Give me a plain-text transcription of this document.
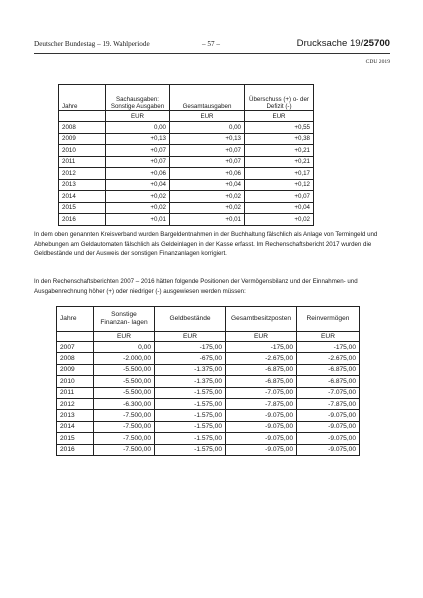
Deutscher Bundestag – 19. Wahlperiode	– 57 –	Drucksache 19/25700
CDU 2019
Jahre	Sachausgaben: Sonstige Ausgaben	Gesamtausgaben	Überschuss (+) o- der Defizit (-)
	EUR	EUR	EUR
2008	0,00	0,00	+0,55
2009	+0,13	+0,13	+0,38
2010	+0,07	+0,07	+0,21
2011	+0,07	+0,07	+0,21
2012	+0,06	+0,06	+0,17
2013	+0,04	+0,04	+0,12
2014	+0,02	+0,02	+0,07
2015	+0,02	+0,02	+0,04
2016	+0,01	+0,01	+0,02
In dem oben genannten Kreisverband wurden Bargeldentnahmen in der Buchhaltung fälschlich als Anlage von Termingeld und Abhebungen am Geldautomaten fälschlich als Geldeinlagen in der Kasse erfasst. Im Rechenschaftsbericht 2017 wurden die Geldbestände und der Ausweis der sonstigen Finanzanlagen korrigiert.
In den Rechenschaftsberichten 2007 – 2016 hätten folgende Positionen der Vermögensbilanz und der Einnahmen- und Ausgabenrechnung höher (+) oder niedriger (-) ausgewiesen werden müssen:
Jahre	Sonstige Finanzan- lagen	Geldbestände	Gesamtbesitzposten	Reinvermögen
	EUR	EUR	EUR	EUR
2007	0,00	-175,00	-175,00	-175,00
2008	-2.000,00	-675,00	-2.675,00	-2.675,00
2009	-5.500,00	-1.375,00	-6.875,00	-6.875,00
2010	-5.500,00	-1.375,00	-6.875,00	-6.875,00
2011	-5.500,00	-1.575,00	-7.075,00	-7.075,00
2012	-6.300,00	-1.575,00	-7.875,00	-7.875,00
2013	-7.500,00	-1.575,00	-9.075,00	-9.075,00
2014	-7.500,00	-1.575,00	-9.075,00	-9.075,00
2015	-7.500,00	-1.575,00	-9.075,00	-9.075,00
2016	-7.500,00	-1.575,00	-9.075,00	-9.075,00
